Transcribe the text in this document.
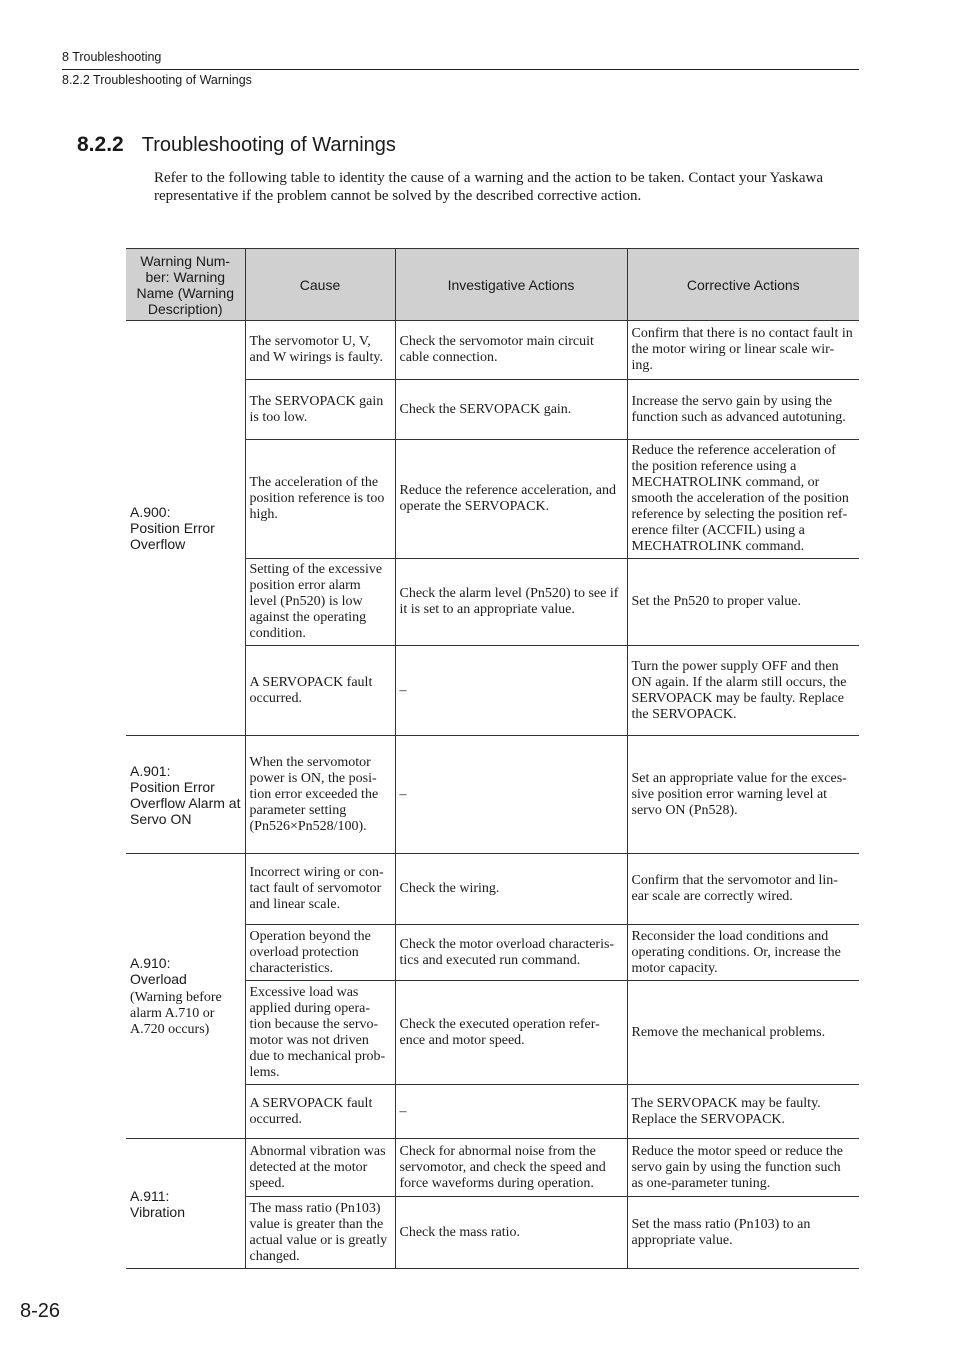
8 Troubleshooting
8.2.2 Troubleshooting of Warnings
8.2.2 Troubleshooting of Warnings

Refer to the following table to identity the cause of a warning and the action to be taken. Contact your Yaskawa representative if the problem cannot be solved by the described corrective action.

Warning Num-ber: Warning Name (Warning Description)	Cause	Investigative Actions	Corrective Actions

A.900:
Position Error Overflow	The servomotor U, V, and W wirings is faulty.	Check the servomotor main circuit cable connection.	Confirm that there is no contact fault in the motor wiring or linear scale wir-ing.
	The SERVOPACK gain is too low.	Check the SERVOPACK gain.	Increase the servo gain by using the function such as advanced autotuning.
	The acceleration of the position reference is too high.	Reduce the reference acceleration, and operate the SERVOPACK.	Reduce the reference acceleration of the position reference using a MECHATROLINK command, or smooth the acceleration of the position reference by selecting the position ref-erence filter (ACCFIL) using a MECHATROLINK command.
	Setting of the excessive position error alarm level (Pn520) is low against the operating condition.	Check the alarm level (Pn520) to see if it is set to an appropriate value.	Set the Pn520 to proper value.
	A SERVOPACK fault occurred.	–	Turn the power supply OFF and then ON again. If the alarm still occurs, the SERVOPACK may be faulty. Replace the SERVOPACK.

A.901:
Position Error Overflow Alarm at Servo ON	When the servomotor power is ON, the posi-tion error exceeded the parameter setting (Pn526×Pn528/100).	–	Set an appropriate value for the exces-sive position error warning level at servo ON (Pn528).

A.910:
Overload
(Warning before alarm A.710 or A.720 occurs)	Incorrect wiring or con-tact fault of servomotor and linear scale.	Check the wiring.	Confirm that the servomotor and lin-ear scale are correctly wired.
	Operation beyond the overload protection characteristics.	Check the motor overload characteris-tics and executed run command.	Reconsider the load conditions and operating conditions. Or, increase the motor capacity.
	Excessive load was applied during opera-tion because the servo-motor was not driven due to mechanical prob-lems.	Check the executed operation refer-ence and motor speed.	Remove the mechanical problems.
	A SERVOPACK fault occurred.	–	The SERVOPACK may be faulty. Replace the SERVOPACK.

A.911:
Vibration	Abnormal vibration was detected at the motor speed.	Check for abnormal noise from the servomotor, and check the speed and force waveforms during operation.	Reduce the motor speed or reduce the servo gain by using the function such as one-parameter tuning.
	The mass ratio (Pn103) value is greater than the actual value or is greatly changed.	Check the mass ratio.	Set the mass ratio (Pn103) to an appropriate value.
8-26
